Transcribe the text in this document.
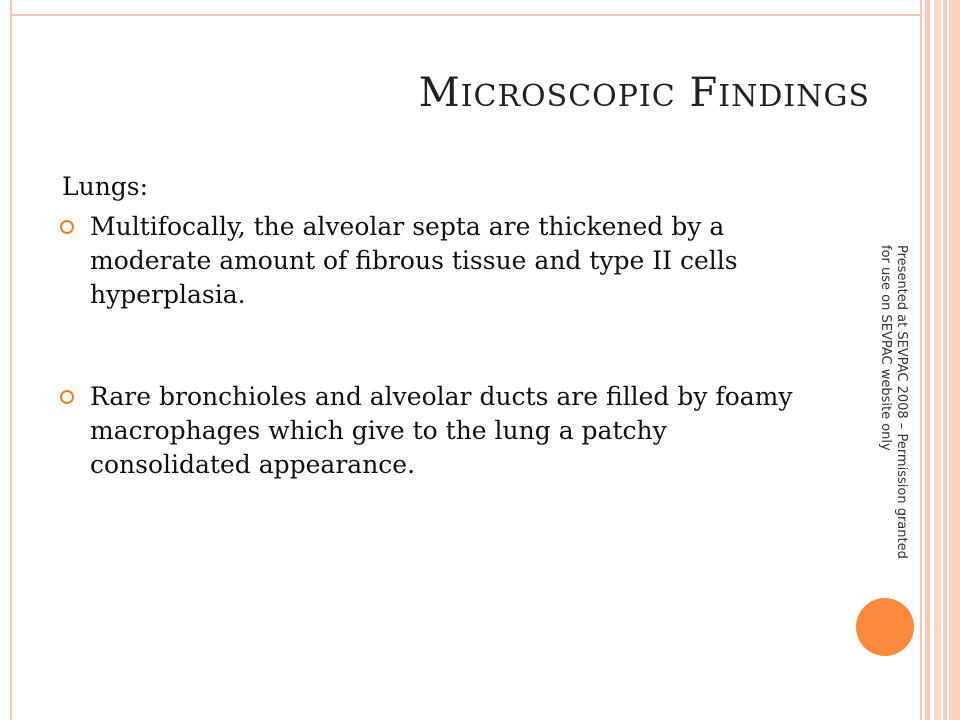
MICROSCOPIC FINDINGS

Lungs:

Multifocally, the alveolar septa are thickened by a moderate amount of fibrous tissue and type II cells hyperplasia.
Rare bronchioles and alveolar ducts are filled by foamy macrophages which give to the lung a patchy consolidated appearance.	Presented at SEVPAC 2008 – Permission granted for use on SEVPAC website only
